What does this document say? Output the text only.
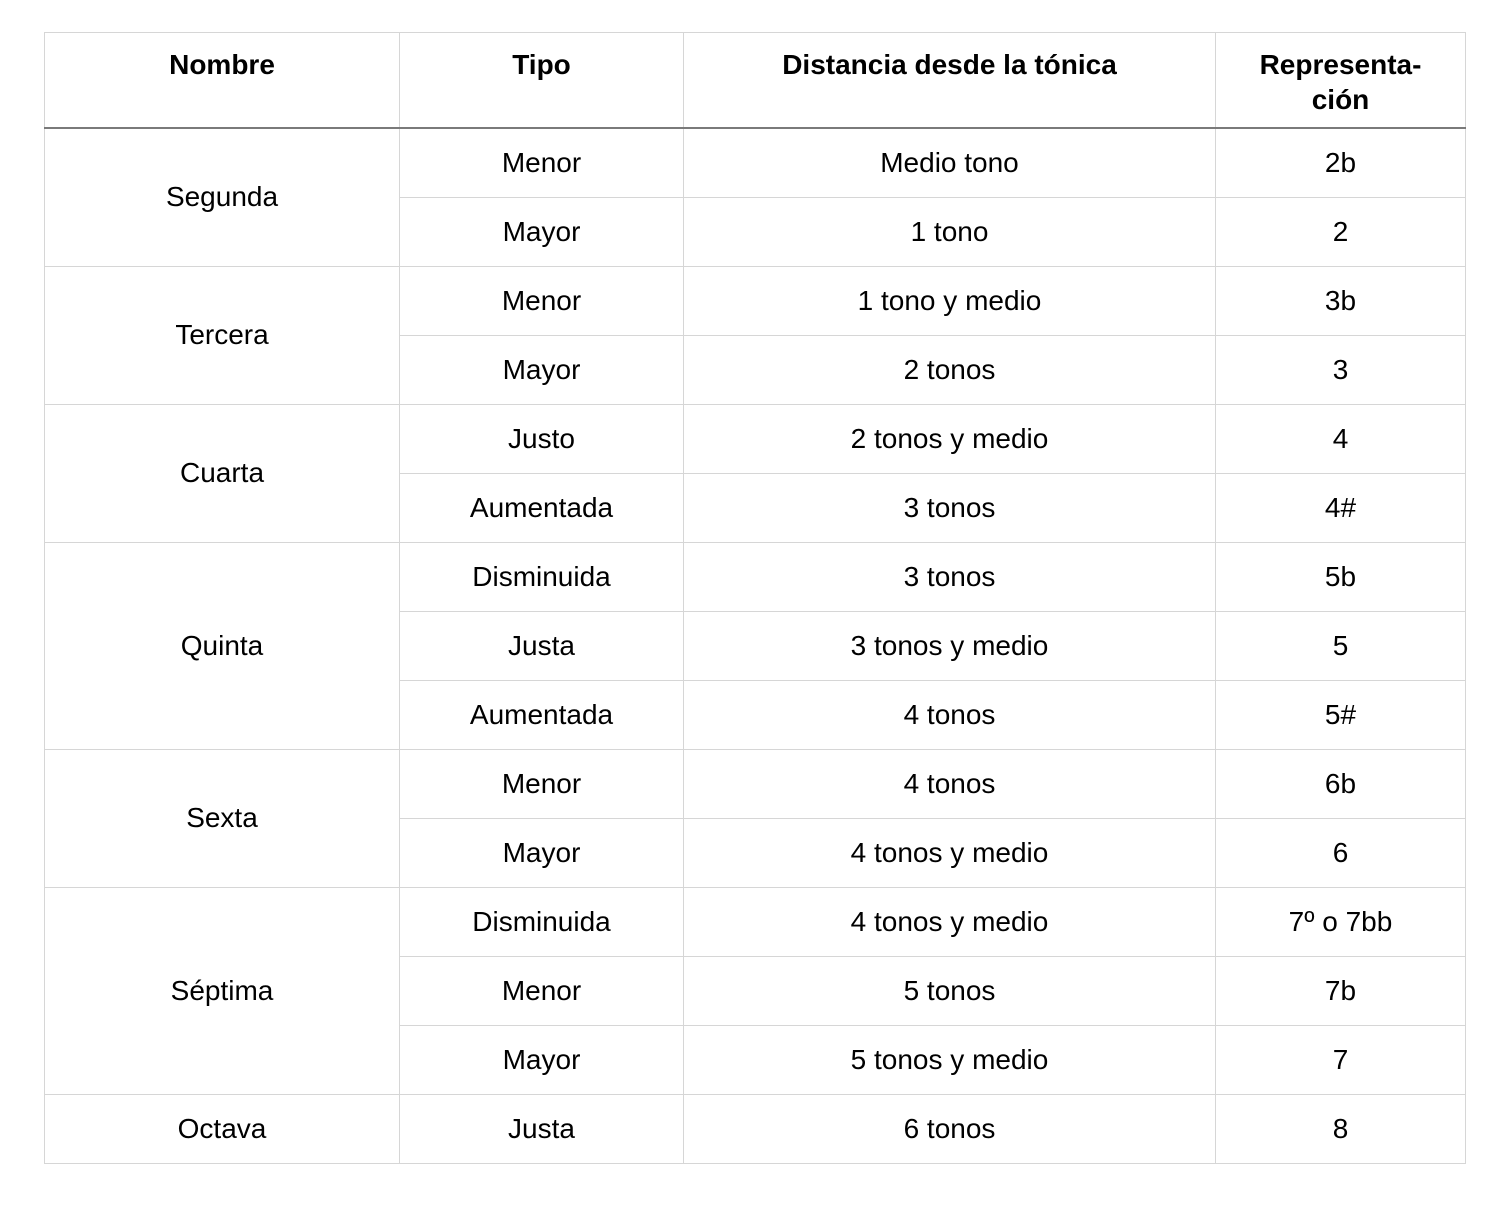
Nombre	Tipo	Distancia desde la tónica	Representa-
ción
Segunda	Menor	Medio tono	2b
	Mayor	1 tono	2
Tercera	Menor	1 tono y medio	3b
	Mayor	2 tonos	3
Cuarta	Justo	2 tonos y medio	4
	Aumentada	3 tonos	4#
Quinta	Disminuida	3 tonos	5b
	Justa	3 tonos y medio	5
	Aumentada	4 tonos	5#
Sexta	Menor	4 tonos	6b
	Mayor	4 tonos y medio	6
Séptima	Disminuida	4 tonos y medio	7º o 7bb
	Menor	5 tonos	7b
	Mayor	5 tonos y medio	7
Octava	Justa	6 tonos	8
